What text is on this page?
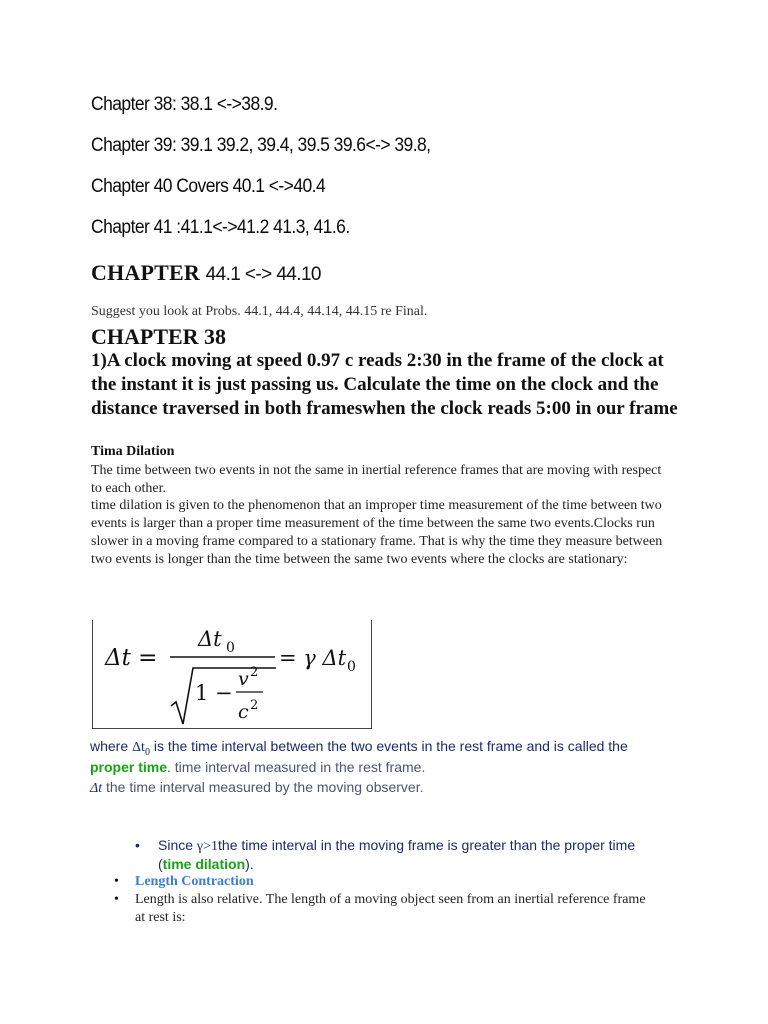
Chapter 38: 38.1 <->38.9.
Chapter 39: 39.1 39.2, 39.4, 39.5 39.6<-> 39.8,
Chapter 40 Covers 40.1 <->40.4
Chapter 41 :41.1<->41.2 41.3, 41.6.
CHAPTER 44.1 <-> 44.10
Suggest you look at Probs. 44.1, 44.4, 44.14, 44.15 re Final.
CHAPTER 38
1)A clock moving at speed 0.97 c reads 2:30 in the frame of the clock at the instant it is just passing us. Calculate the time on the clock and the distance traversed in both frameswhen the clock reads 5:00 in our frame
Tima Dilation
The time between two events in not the same in inertial reference frames that are moving with respect to each other.
time dilation is given to the phenomenon that an improper time measurement of the time between two events is larger than a proper time measurement of the time between the same two events.Clocks run slower in a moving frame compared to a stationary frame. That is why the time they measure between two events is longer than the time between the same two events where the clocks are stationary:
Δt =
Δt 0
1 −
v 2
c 2
= γ Δt 0
where $\Delta t_0$ is the time interval between the two events in the rest frame and is called the
proper time. time interval measured in the rest frame.
Δt the time interval measured by the moving observer.
• Since γ>1the time interval in the moving frame is greater than the proper time
(time dilation).
• Length Contraction
• Length is also relative. The length of a moving object seen from an inertial reference frame at rest is:
